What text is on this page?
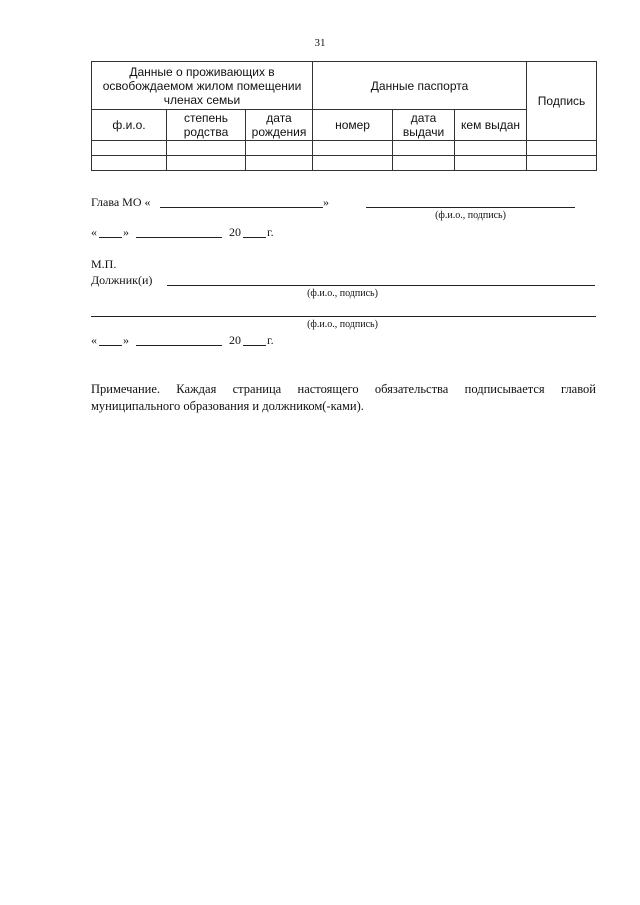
31
Данные о проживающих в освобождаемом жилом помещении членах семьи			Данные паспорта			Подпись
ф.и.о.	степень родства	дата рождения	номер	дата выдачи	кем выдан	

Глава МО «	»
(ф.и.о., подпись)
« »	20 г.
М.П.
Должник(и)
(ф.и.о., подпись)
(ф.и.о., подпись)
« »	20 г.
Примечание. Каждая страница настоящего обязательства подписывается главой муниципального образования и должником(-ками).
